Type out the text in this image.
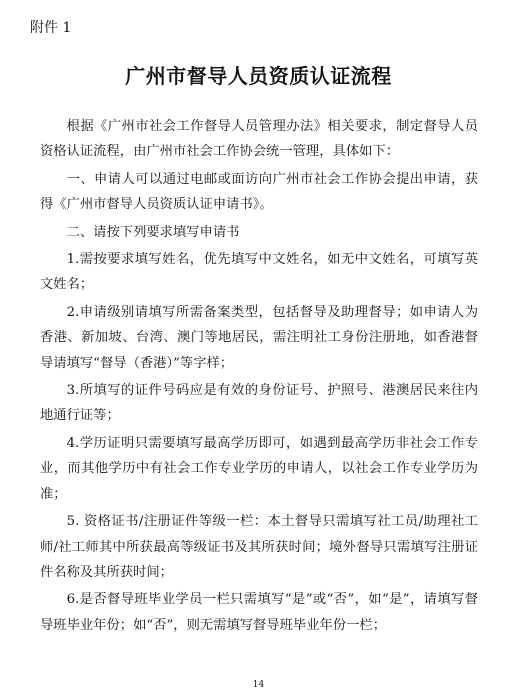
附件 1
广州市督导人员资质认证流程

根据《广州市社会工作督导人员管理办法》相关要求，制定督导人员资格认证流程，由广州市社会工作协会统一管理，具体如下：

一、申请人可以通过电邮或面访向广州市社会工作协会提出申请，获得《广州市督导人员资质认证申请书》。

二、请按下列要求填写申请书

1.需按要求填写姓名，优先填写中文姓名，如无中文姓名，可填写英文姓名；

2.申请级别请填写所需备案类型，包括督导及助理督导；如申请人为香港、新加坡、台湾、澳门等地居民，需注明社工身份注册地，如香港督导请填写“督导（香港）”等字样；

3.所填写的证件号码应是有效的身份证号、护照号、港澳居民来往内地通行证等；

4.学历证明只需要填写最高学历即可，如遇到最高学历非社会工作专业，而其他学历中有社会工作专业学历的申请人，以社会工作专业学历为准；

5. 资格证书/注册证件等级一栏：本土督导只需填写社工员/助理社工师/社工师其中所获最高等级证书及其所获时间；境外督导只需填写注册证件名称及其所获时间；

6.是否督导班毕业学员一栏只需填写“是”或“否”，如“是”，请填写督导班毕业年份；如“否”，则无需填写督导班毕业年份一栏；

14
